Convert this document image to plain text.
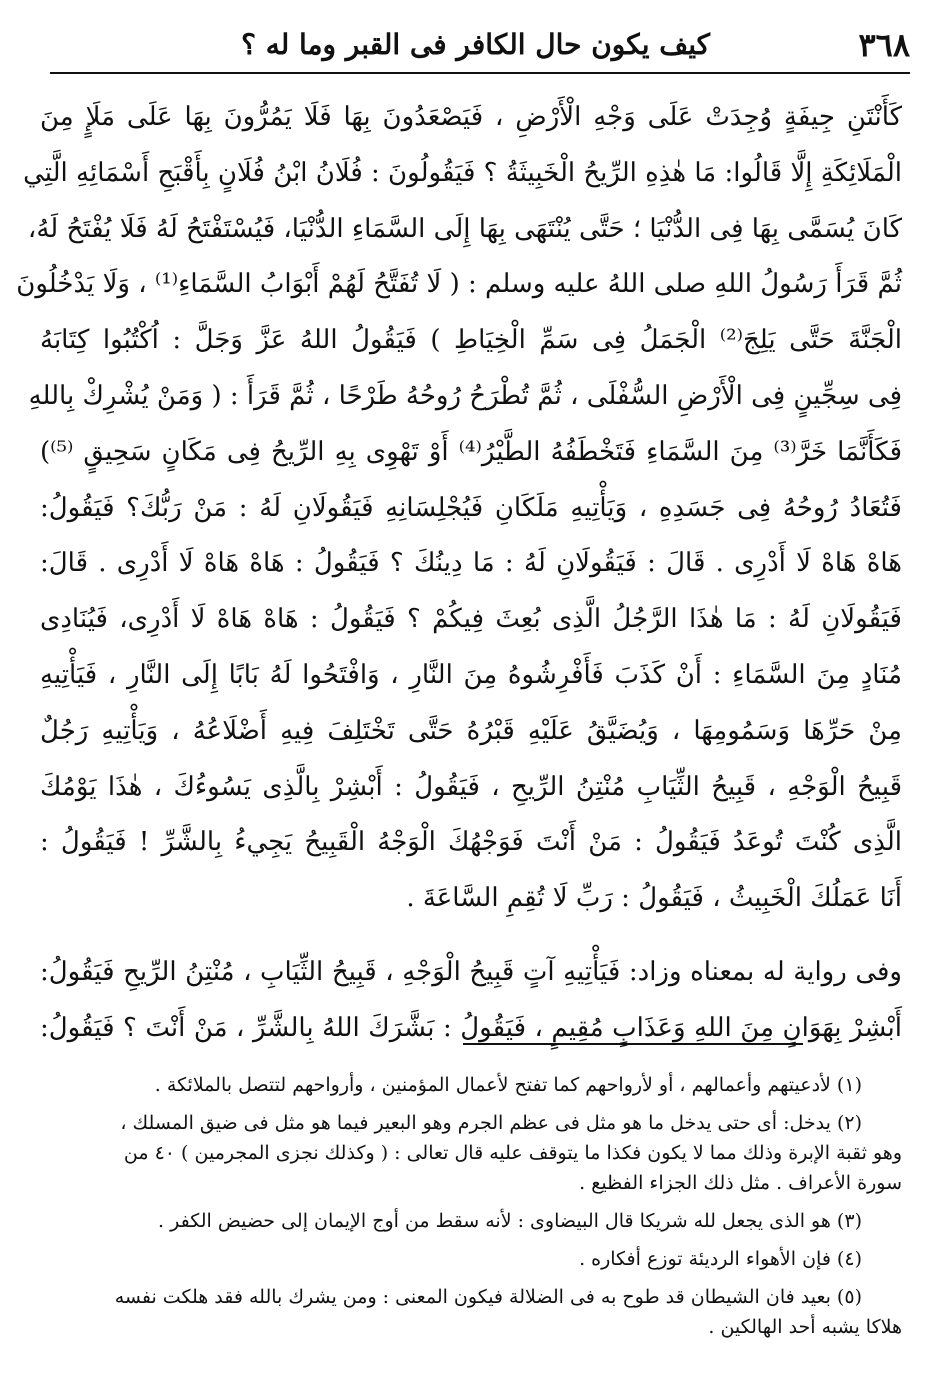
٣٦٨
كيف يكون حال الكافر فى القبر وما له ؟

كَأَنْتَنِ جِيفَةٍ وُجِدَتْ عَلَى وَجْهِ الْأَرْضِ ، فَيَصْعَدُونَ بِهَا فَلَا يَمُرُّونَ بِهَا عَلَى مَلَإٍ مِنَ

الْمَلَائِكَةِ إِلَّا قَالُوا: مَا هٰذِهِ الرِّيحُ الْخَبِيثَةُ ؟ فَيَقُولُونَ : فُلَانُ ابْنُ فُلَانٍ بِأَقْبَحِ أَسْمَائِهِ الَّتِي

كَانَ يُسَمَّى بِهَا فِى الدُّنْيَا ؛ حَتَّى يُنْتَهَى بِهَا إِلَى السَّمَاءِ الدُّنْيَا، فَيُسْتَفْتَحُ لَهُ فَلَا يُفْتَحُ لَهُ،

ثُمَّ قَرَأَ رَسُولُ اللهِ صلى اللهُ عليه وسلم : ( لَا تُفَتَّحُ لَهُمْ أَبْوَابُ السَّمَاءِ⁽¹⁾ ، وَلَا يَدْخُلُونَ

الْجَنَّةَ حَتَّى يَلِجَ⁽²⁾ الْجَمَلُ فِى سَمِّ الْخِيَاطِ ) فَيَقُولُ اللهُ عَزَّ وَجَلَّ : اُكْتُبُوا كِتَابَهُ

فِى سِجِّينٍ فِى الْأَرْضِ السُّفْلَى ، ثُمَّ تُطْرَحُ رُوحُهُ طَرْحًا ، ثُمَّ قَرَأَ : ( وَمَنْ يُشْرِكْ بِاللهِ

فَكَأَنَّمَا خَرَّ⁽³⁾ مِنَ السَّمَاءِ فَتَخْطَفُهُ الطَّيْرُ⁽⁴⁾ أَوْ تَهْوِى بِهِ الرِّيحُ فِى مَكَانٍ سَحِيقٍ ⁽⁵⁾)

فَتُعَادُ رُوحُهُ فِى جَسَدِهِ ، وَيَأْتِيهِ مَلَكَانِ فَيُجْلِسَانِهِ فَيَقُولَانِ لَهُ : مَنْ رَبُّكَ؟ فَيَقُولُ:

هَاهْ هَاهْ لَا أَدْرِى . قَالَ : فَيَقُولَانِ لَهُ : مَا دِينُكَ ؟ فَيَقُولُ : هَاهْ هَاهْ لَا أَدْرِى . قَالَ:

فَيَقُولَانِ لَهُ : مَا هٰذَا الرَّجُلُ الَّذِى بُعِثَ فِيكُمْ ؟ فَيَقُولُ : هَاهْ هَاهْ لَا أَدْرِى، فَيُنَادِى

مُنَادٍ مِنَ السَّمَاءِ : أَنْ كَذَبَ فَأَفْرِشُوهُ مِنَ النَّارِ ، وَافْتَحُوا لَهُ بَابًا إِلَى النَّارِ ، فَيَأْتِيهِ

مِنْ حَرِّهَا وَسَمُومِهَا ، وَيُضَيَّقُ عَلَيْهِ قَبْرُهُ حَتَّى تَخْتَلِفَ فِيهِ أَضْلَاعُهُ ، وَيَأْتِيهِ رَجُلٌ

قَبِيحُ الْوَجْهِ ، قَبِيحُ الثِّيَابِ مُنْتِنُ الرِّيحِ ، فَيَقُولُ : أَبْشِرْ بِالَّذِى يَسُوءُكَ ، هٰذَا يَوْمُكَ

الَّذِى كُنْتَ تُوعَدُ فَيَقُولُ : مَنْ أَنْتَ فَوَجْهُكَ الْوَجْهُ الْقَبِيحُ يَجِيءُ بِالشَّرِّ ! فَيَقُولُ :

أَنَا عَمَلُكَ الْخَبِيثُ ، فَيَقُولُ : رَبِّ لَا تُقِمِ السَّاعَةَ .

وفى رواية له بمعناه وزاد: فَيَأْتِيهِ آتٍ قَبِيحُ الْوَجْهِ ، قَبِيحُ الثِّيَابِ ، مُنْتِنُ الرِّيحِ فَيَقُولُ:

أَبْشِرْ بِهَوَانٍ مِنَ اللهِ وَعَذَابٍ مُقِيمٍ ، فَيَقُولُ : بَشَّرَكَ اللهُ بِالشَّرِّ ، مَنْ أَنْتَ ؟ فَيَقُولُ:

(١) لأدعيتهم وأعمالهم ، أو لأرواحهم كما تفتح لأعمال المؤمنين ، وأرواحهم لتتصل بالملائكة .

(٢) يدخل: أى حتى يدخل ما هو مثل فى عظم الجرم وهو البعير فيما هو مثل فى ضيق المسلك ،

وهو ثقبة الإبرة وذلك مما لا يكون فكذا ما يتوقف عليه قال تعالى : ( وكذلك نجزى المجرمين ) ٤٠ من

سورة الأعراف . مثل ذلك الجزاء الفظيع .

(٣) هو الذى يجعل لله شريكا قال البيضاوى : لأنه سقط من أوج الإيمان إلى حضيض الكفر .

(٤) فإن الأهواء الرديئة توزع أفكاره .

(٥) بعيد فان الشيطان قد طوح به فى الضلالة فيكون المعنى : ومن يشرك بالله فقد هلكت نفسه

هلاكا يشبه أحد الهالكين .
